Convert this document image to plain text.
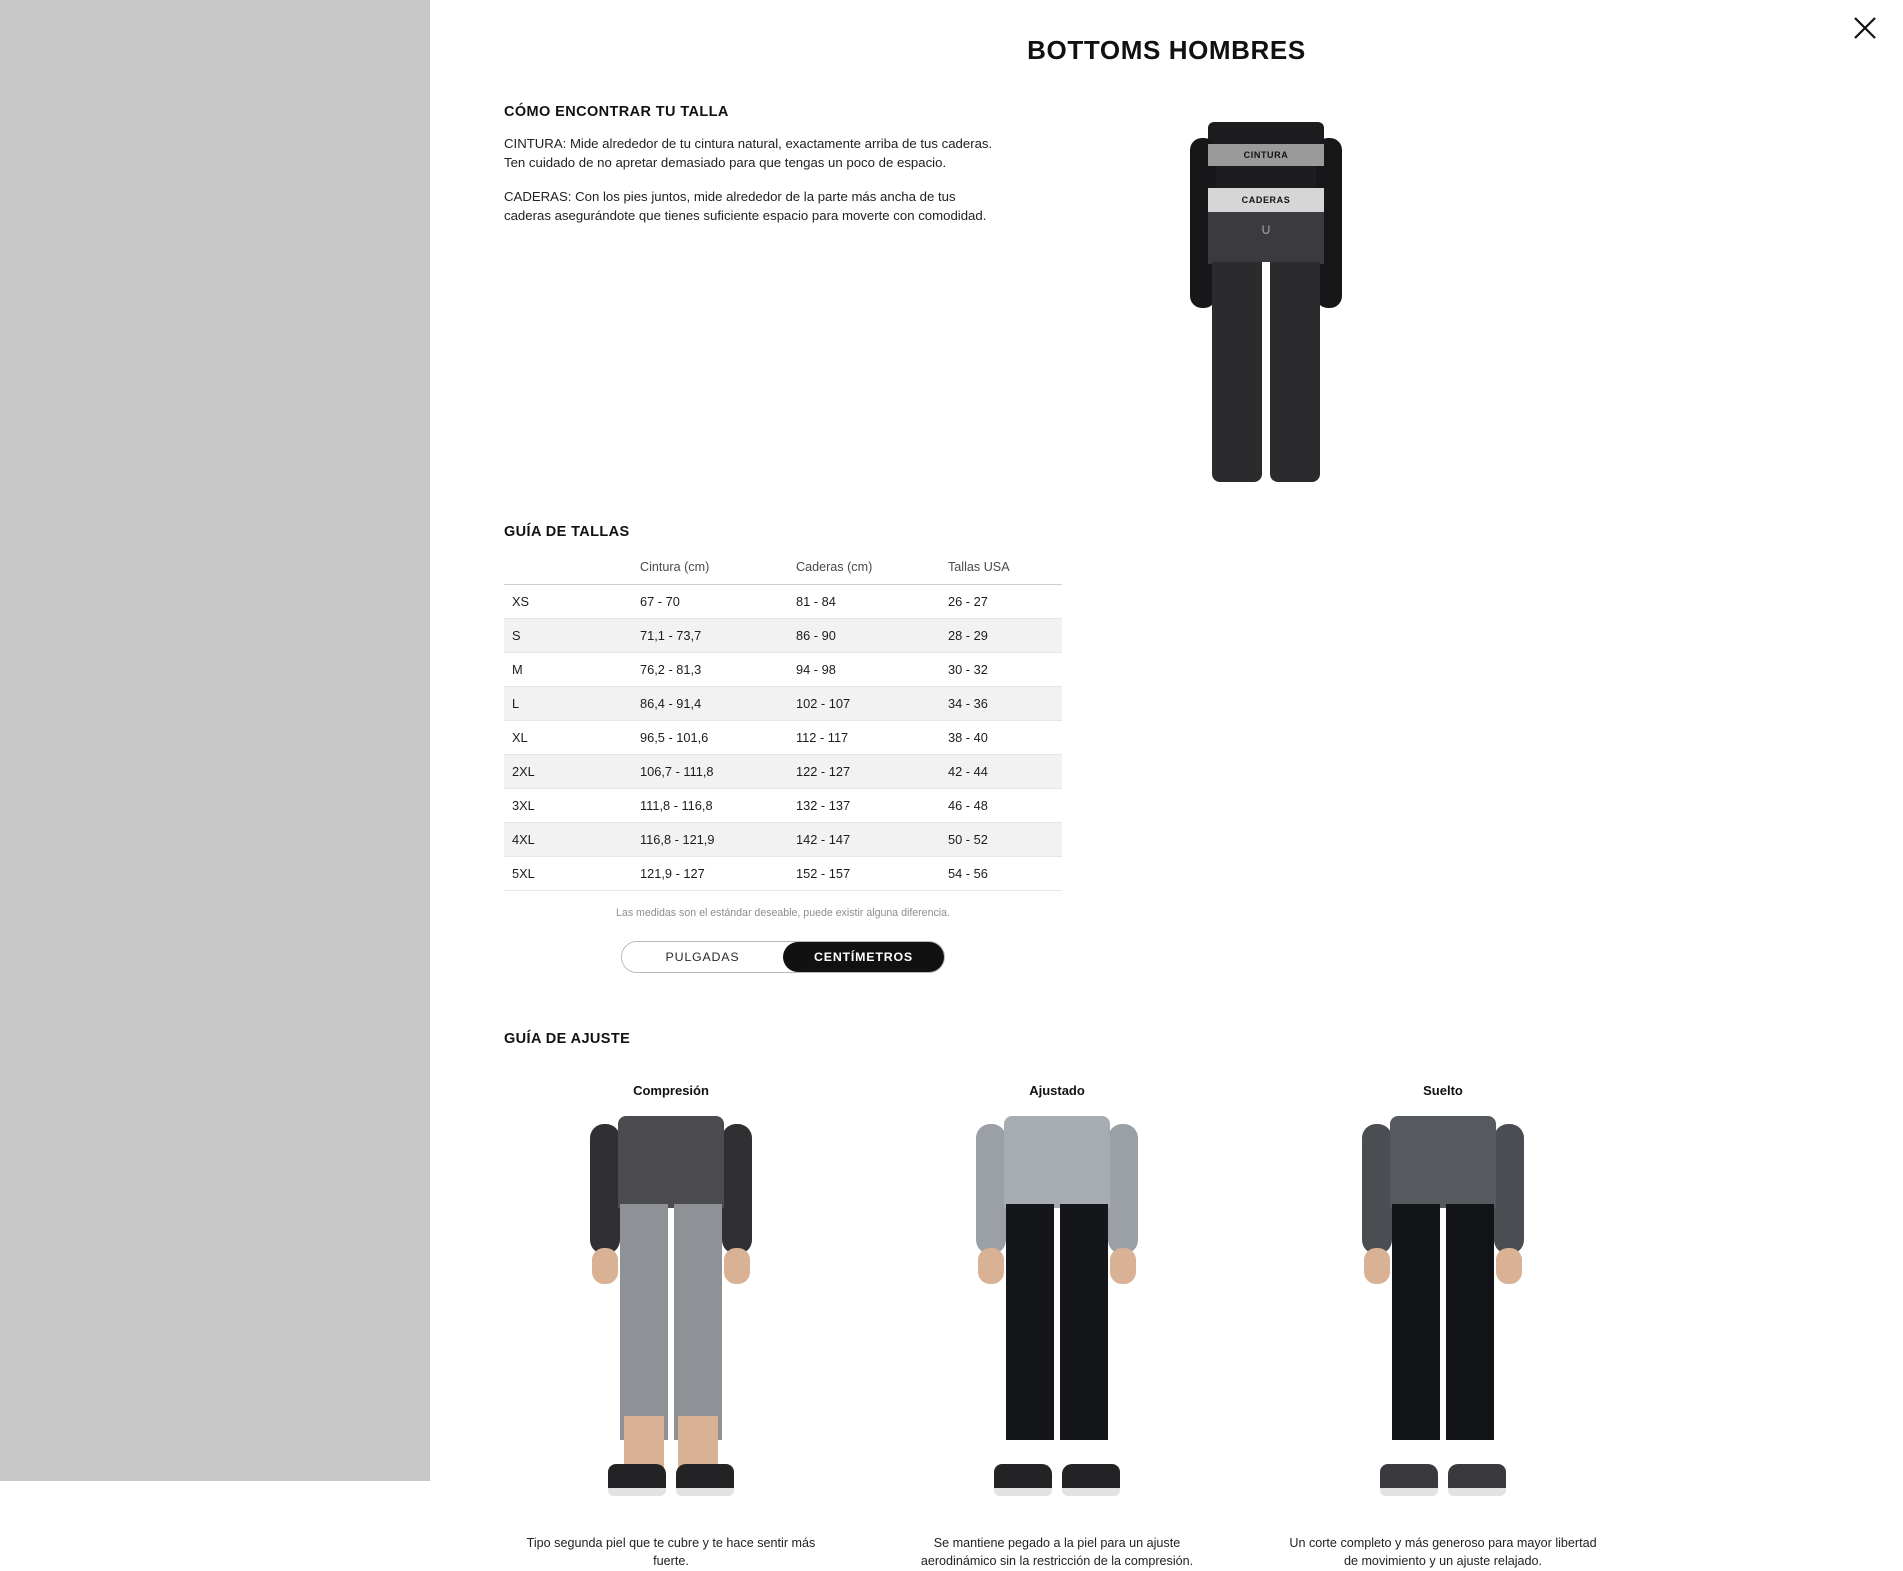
BOTTOMS HOMBRES
CÓMO ENCONTRAR TU TALLA

CINTURA: Mide alrededor de tu cintura natural, exactamente arriba de tus caderas. Ten cuidado de no apretar demasiado para que tengas un poco de espacio.

CADERAS: Con los pies juntos, mide alrededor de la parte más ancha de tus caderas asegurándote que tienes suficiente espacio para moverte con comodidad.

CINTURA
CADERAS
∪
GUÍA DE TALLAS
	Cintura (cm)	Caderas (cm)	Tallas USA
XS	67 - 70	81 - 84	26 - 27
S	71,1 - 73,7	86 - 90	28 - 29
M	76,2 - 81,3	94 - 98	30 - 32
L	86,4 - 91,4	102 - 107	34 - 36
XL	96,5 - 101,6	112 - 117	38 - 40
2XL	106,7 - 111,8	122 - 127	42 - 44
3XL	111,8 - 116,8	132 - 137	46 - 48
4XL	116,8 - 121,9	142 - 147	50 - 52
5XL	121,9 - 127	152 - 157	54 - 56
Las medidas son el estándar deseable, puede existir alguna diferencia.
PULGADAS	CENTÍMETROS
GUÍA DE AJUSTE
Compresión
Tipo segunda piel que te cubre y te hace sentir más fuerte.
Ajustado
Se mantiene pegado a la piel para un ajuste aerodinámico sin la restricción de la compresión.
Suelto
Un corte completo y más generoso para mayor libertad de movimiento y un ajuste relajado.
